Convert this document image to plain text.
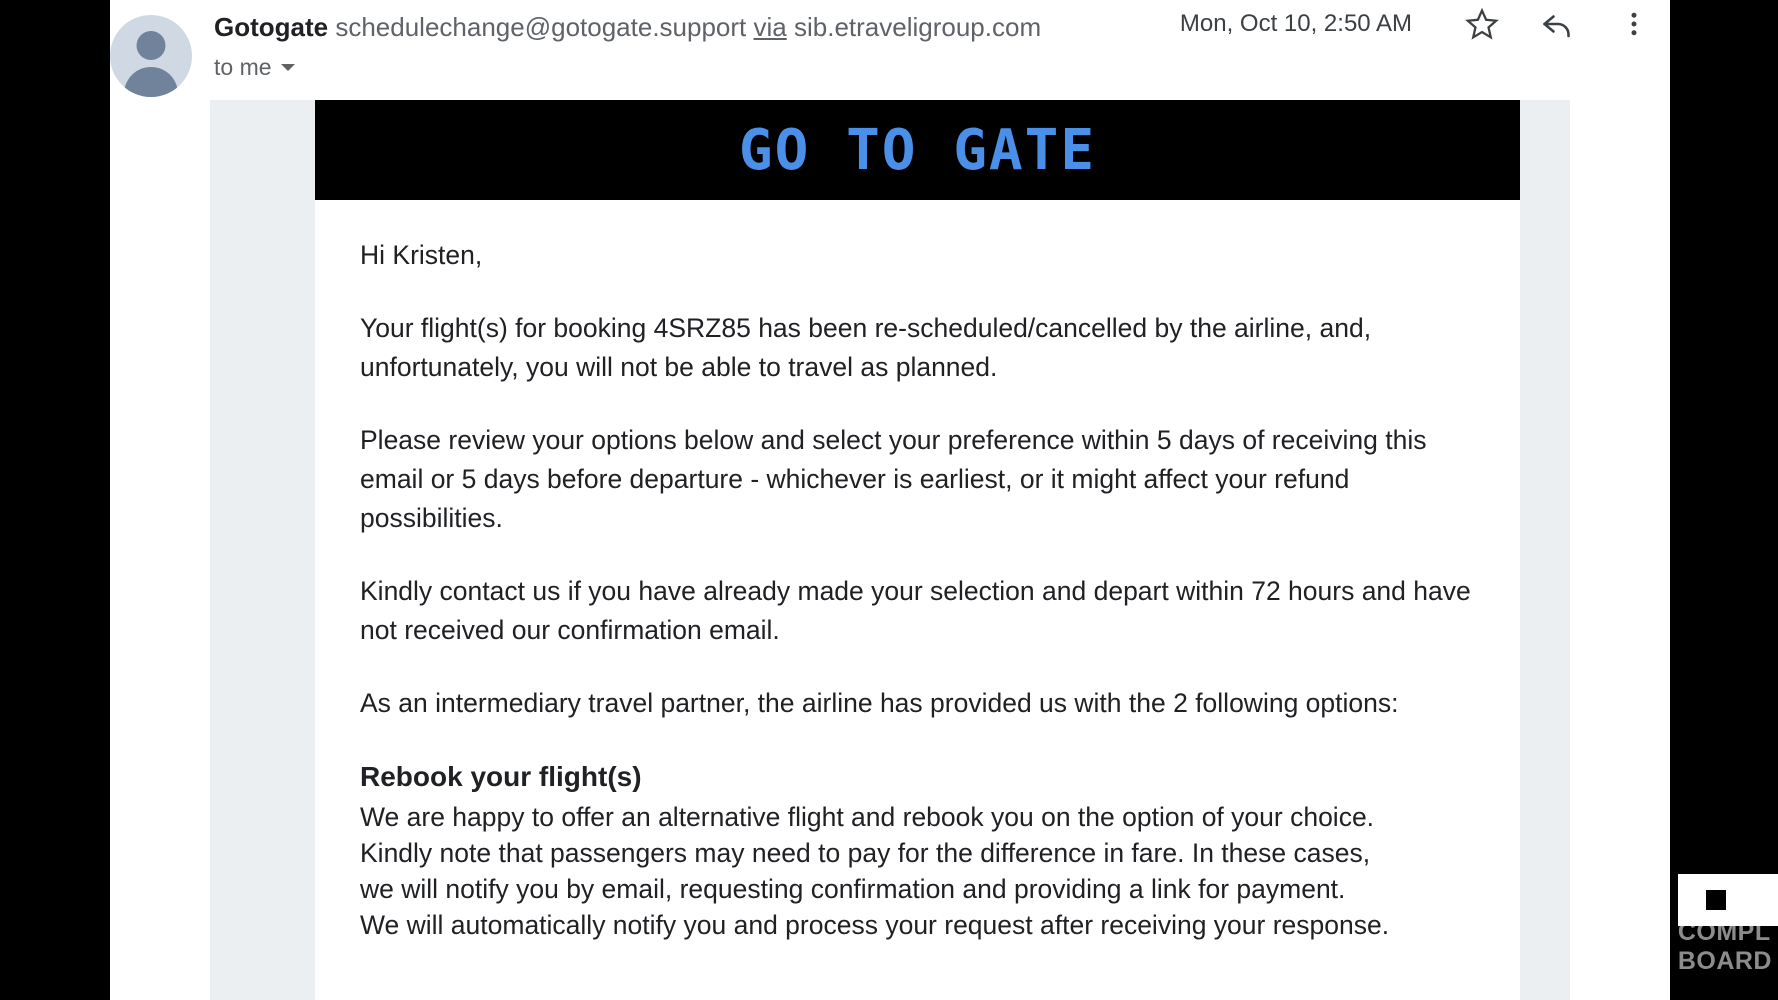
Gotogate schedulechange@gotogate.support via sib.etraveligroup.com
to me
Mon, Oct 10, 2:50 AM
GO TO GATE

Hi Kristen,

Your flight(s) for booking 4SRZ85 has been re-scheduled/cancelled by the airline, and, unfortunately, you will not be able to travel as planned.

Please review your options below and select your preference within 5 days of receiving this email or 5 days before departure - whichever is earliest, or it might affect your refund possibilities.

Kindly contact us if you have already made your selection and depart within 72 hours and have not received our confirmation email.

As an intermediary travel partner, the airline has provided us with the 2 following options:

Rebook your flight(s)
We are happy to offer an alternative flight and rebook you on the option of your choice.
Kindly note that passengers may need to pay for the difference in fare. In these cases,
we will notify you by email, requesting confirmation and providing a link for payment.
We will automatically notify you and process your request after receiving your response.	COMPL
BOARD
